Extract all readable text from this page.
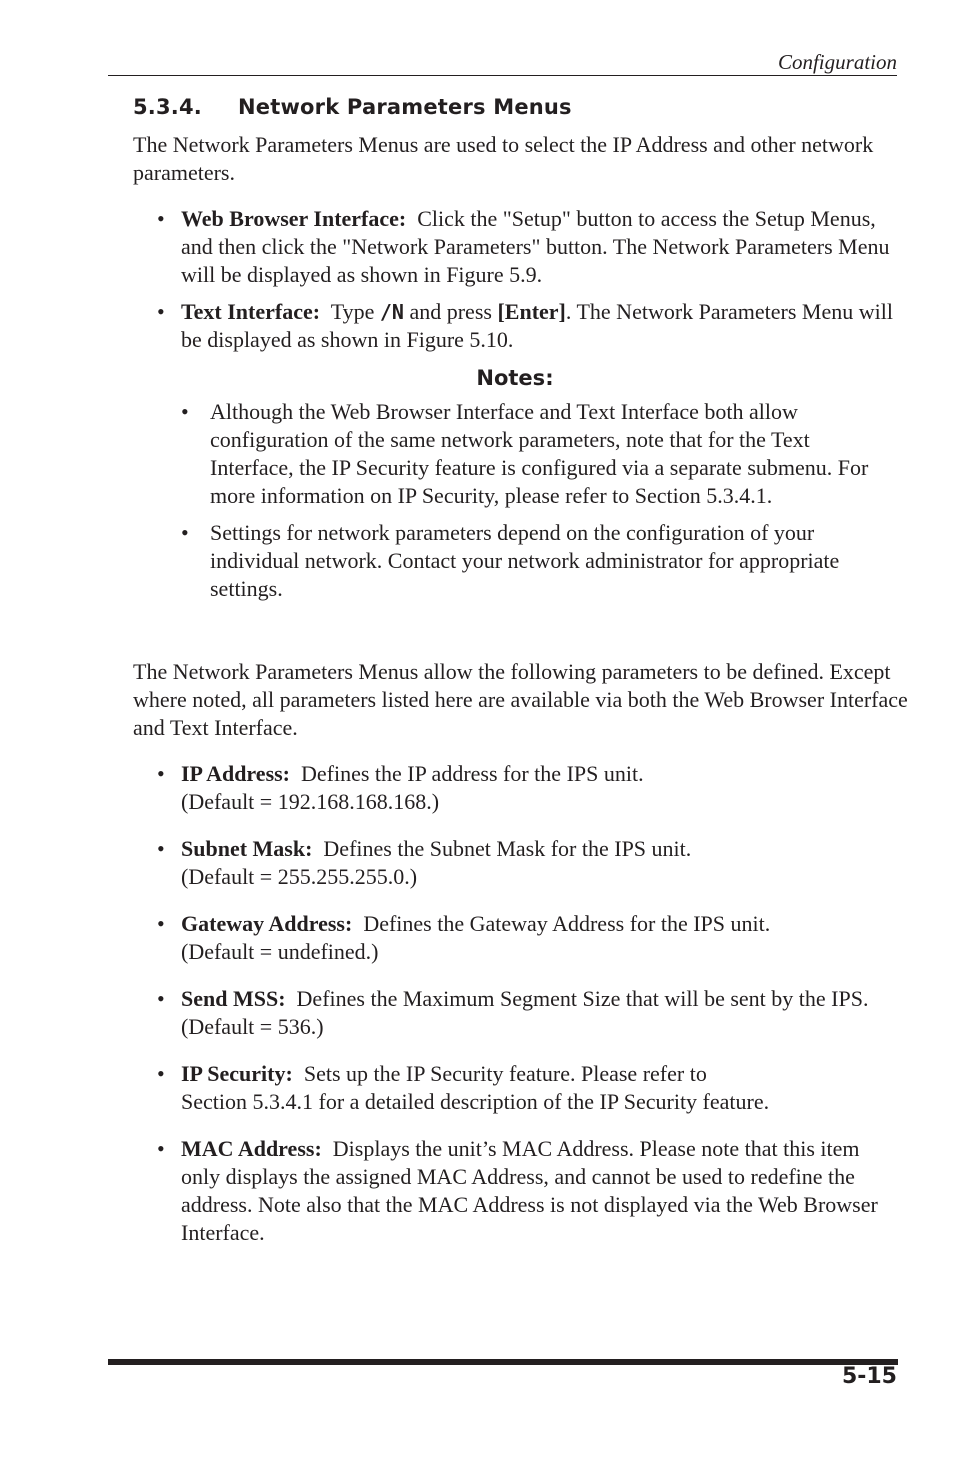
Configuration
5.3.4. Network Parameters Menus

The Network Parameters Menus are used to select the IP Address and other network parameters.

• Web Browser Interface: Click the "Setup" button to access the Setup Menus, and then click the "Network Parameters" button. The Network Parameters Menu will be displayed as shown in Figure 5.9.
• Text Interface: Type /N and press [Enter]. The Network Parameters Menu will be displayed as shown in Figure 5.10.
Notes:
• Although the Web Browser Interface and Text Interface both allow configuration of the same network parameters, note that for the Text Interface, the IP Security feature is configured via a separate submenu. For more information on IP Security, please refer to Section 5.3.4.1.
• Settings for network parameters depend on the configuration of your individual network. Contact your network administrator for appropriate settings.

The Network Parameters Menus allow the following parameters to be defined. Except where noted, all parameters listed here are available via both the Web Browser Interface and Text Interface.

• IP Address: Defines the IP address for the IPS unit.
(Default = 192.168.168.168.)
• Subnet Mask: Defines the Subnet Mask for the IPS unit.
(Default = 255.255.255.0.)
• Gateway Address: Defines the Gateway Address for the IPS unit.
(Default = undefined.)
• Send MSS: Defines the Maximum Segment Size that will be sent by the IPS. (Default = 536.)
• IP Security: Sets up the IP Security feature. Please refer to
Section 5.3.4.1 for a detailed description of the IP Security feature.
• MAC Address: Displays the unit’s MAC Address. Please note that this item only displays the assigned MAC Address, and cannot be used to redefine the address. Note also that the MAC Address is not displayed via the Web Browser Interface.
5-15
